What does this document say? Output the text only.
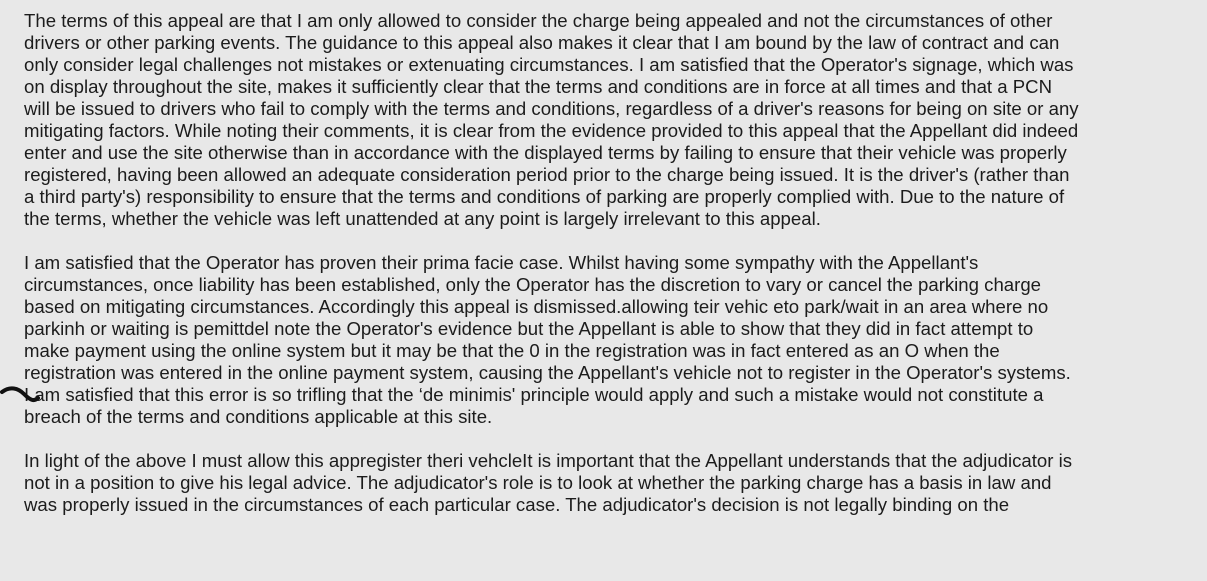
The terms of this appeal are that I am only allowed to consider the charge being appealed and not the circumstances of other
drivers or other parking events. The guidance to this appeal also makes it clear that I am bound by the law of contract and can
only consider legal challenges not mistakes or extenuating circumstances. I am satisfied that the Operator's signage, which was
on display throughout the site, makes it sufficiently clear that the terms and conditions are in force at all times and that a PCN
will be issued to drivers who fail to comply with the terms and conditions, regardless of a driver's reasons for being on site or any
mitigating factors. While noting their comments, it is clear from the evidence provided to this appeal that the Appellant did indeed
enter and use the site otherwise than in accordance with the displayed terms by failing to ensure that their vehicle was properly
registered, having been allowed an adequate consideration period prior to the charge being issued. It is the driver's (rather than
a third party's) responsibility to ensure that the terms and conditions of parking are properly complied with. Due to the nature of
the terms, whether the vehicle was left unattended at any point is largely irrelevant to this appeal.
I am satisfied that the Operator has proven their prima facie case. Whilst having some sympathy with the Appellant's
circumstances, once liability has been established, only the Operator has the discretion to vary or cancel the parking charge
based on mitigating circumstances. Accordingly this appeal is dismissed.allowing teir vehic eto park/wait in an area where no
parkinh or waiting is pemittdel note the Operator's evidence but the Appellant is able to show that they did in fact attempt to
make payment using the online system but it may be that the 0 in the registration was in fact entered as an O when the
registration was entered in the online payment system, causing the Appellant's vehicle not to register in the Operator's systems.
I am satisfied that this error is so trifling that the ‘de minimis' principle would apply and such a mistake would not constitute a
breach of the terms and conditions applicable at this site.
In light of the above I must allow this appregister theri vehcleIt is important that the Appellant understands that the adjudicator is
not in a position to give his legal advice. The adjudicator's role is to look at whether the parking charge has a basis in law and
was properly issued in the circumstances of each particular case. The adjudicator's decision is not legally binding on the
